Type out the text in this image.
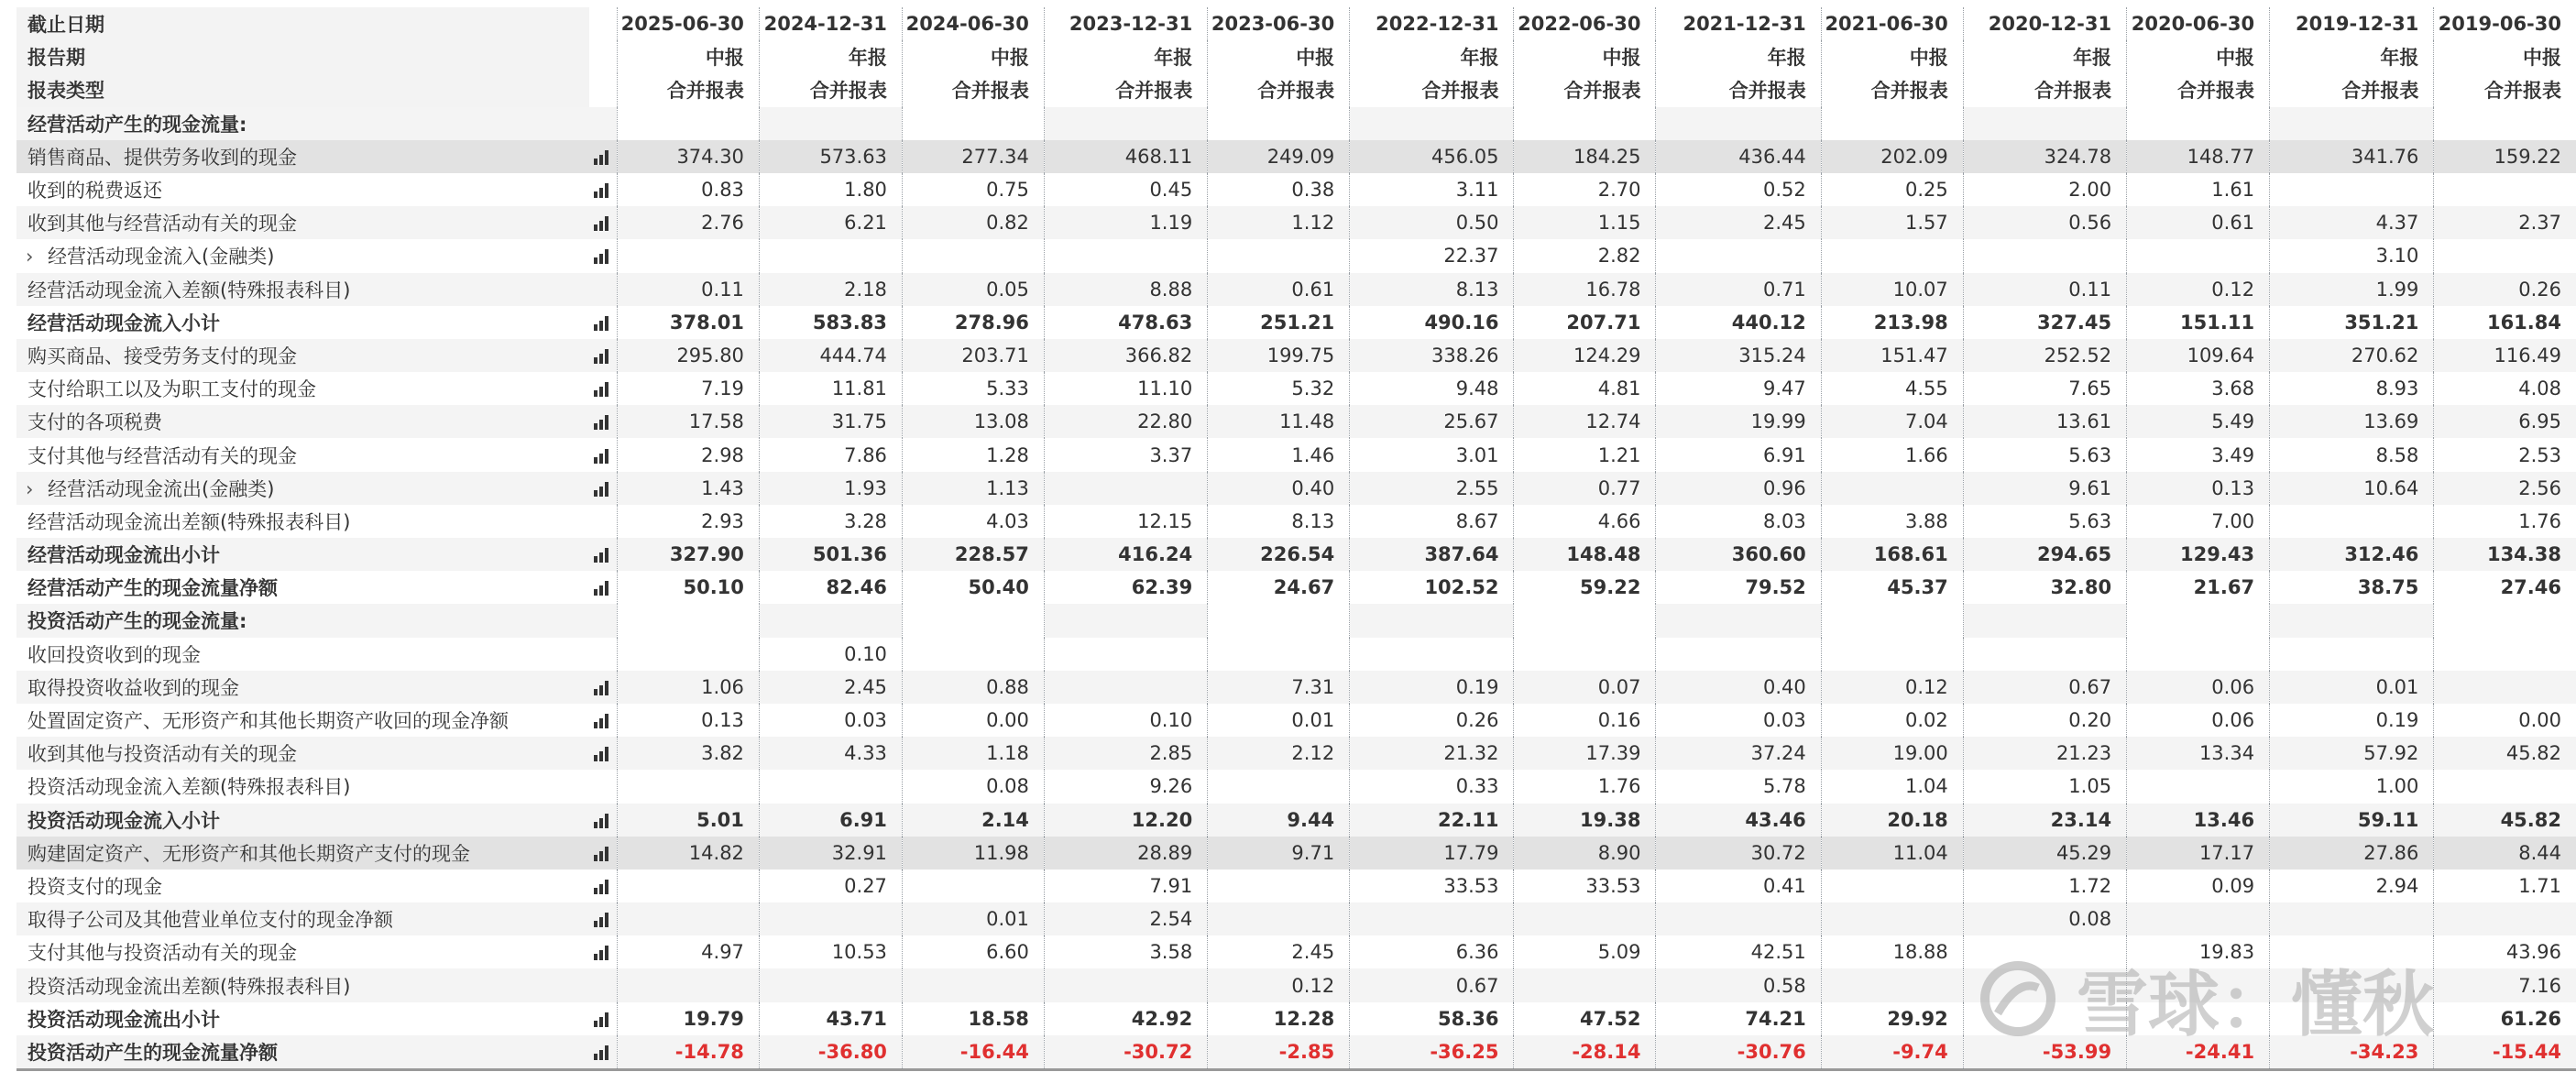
截止日期		2025-06-30	2024-12-31	2024-06-30	2023-12-31	2023-06-30	2022-12-31	2022-06-30	2021-12-31	2021-06-30	2020-12-31	2020-06-30	2019-12-31	2019-06-30
报告期		中报	年报	中报	年报	中报	年报	中报	年报	中报	年报	中报	年报	中报
报表类型		合并报表	合并报表	合并报表	合并报表	合并报表	合并报表	合并报表	合并报表	合并报表	合并报表	合并报表	合并报表	合并报表
经营活动产生的现金流量:														
销售商品、提供劳务收到的现金		374.30	573.63	277.34	468.11	249.09	456.05	184.25	436.44	202.09	324.78	148.77	341.76	159.22
收到的税费返还		0.83	1.80	0.75	0.45	0.38	3.11	2.70	0.52	0.25	2.00	1.61		
收到其他与经营活动有关的现金		2.76	6.21	0.82	1.19	1.12	0.50	1.15	2.45	1.57	0.56	0.61	4.37	2.37
› 经营活动现金流入(金融类)							22.37	2.82					3.10	
经营活动现金流入差额(特殊报表科目)		0.11	2.18	0.05	8.88	0.61	8.13	16.78	0.71	10.07	0.11	0.12	1.99	0.26
经营活动现金流入小计		378.01	583.83	278.96	478.63	251.21	490.16	207.71	440.12	213.98	327.45	151.11	351.21	161.84
购买商品、接受劳务支付的现金		295.80	444.74	203.71	366.82	199.75	338.26	124.29	315.24	151.47	252.52	109.64	270.62	116.49
支付给职工以及为职工支付的现金		7.19	11.81	5.33	11.10	5.32	9.48	4.81	9.47	4.55	7.65	3.68	8.93	4.08
支付的各项税费		17.58	31.75	13.08	22.80	11.48	25.67	12.74	19.99	7.04	13.61	5.49	13.69	6.95
支付其他与经营活动有关的现金		2.98	7.86	1.28	3.37	1.46	3.01	1.21	6.91	1.66	5.63	3.49	8.58	2.53
› 经营活动现金流出(金融类)		1.43	1.93	1.13		0.40	2.55	0.77	0.96		9.61	0.13	10.64	2.56
经营活动现金流出差额(特殊报表科目)		2.93	3.28	4.03	12.15	8.13	8.67	4.66	8.03	3.88	5.63	7.00		1.76
经营活动现金流出小计		327.90	501.36	228.57	416.24	226.54	387.64	148.48	360.60	168.61	294.65	129.43	312.46	134.38
经营活动产生的现金流量净额		50.10	82.46	50.40	62.39	24.67	102.52	59.22	79.52	45.37	32.80	21.67	38.75	27.46
投资活动产生的现金流量:														
收回投资收到的现金			0.10											
取得投资收益收到的现金		1.06	2.45	0.88		7.31	0.19	0.07	0.40	0.12	0.67	0.06	0.01	
处置固定资产、无形资产和其他长期资产收回的现金净额		0.13	0.03	0.00	0.10	0.01	0.26	0.16	0.03	0.02	0.20	0.06	0.19	0.00
收到其他与投资活动有关的现金		3.82	4.33	1.18	2.85	2.12	21.32	17.39	37.24	19.00	21.23	13.34	57.92	45.82
投资活动现金流入差额(特殊报表科目)				0.08	9.26		0.33	1.76	5.78	1.04	1.05		1.00	
投资活动现金流入小计		5.01	6.91	2.14	12.20	9.44	22.11	19.38	43.46	20.18	23.14	13.46	59.11	45.82
购建固定资产、无形资产和其他长期资产支付的现金		14.82	32.91	11.98	28.89	9.71	17.79	8.90	30.72	11.04	45.29	17.17	27.86	8.44
投资支付的现金			0.27		7.91		33.53	33.53	0.41		1.72	0.09	2.94	1.71
取得子公司及其他营业单位支付的现金净额				0.01	2.54						0.08			
支付其他与投资活动有关的现金		4.97	10.53	6.60	3.58	2.45	6.36	5.09	42.51	18.88		19.83		43.96
投资活动现金流出差额(特殊报表科目)						0.12	0.67		0.58					7.16
投资活动现金流出小计		19.79	43.71	18.58	42.92	12.28	58.36	47.52	74.21	29.92				61.26
投资活动产生的现金流量净额		-14.78	-36.80	-16.44	-30.72	-2.85	-36.25	-28.14	-30.76	-9.74	-53.99	-24.41	-34.23	-15.44
雪球：懂秋
